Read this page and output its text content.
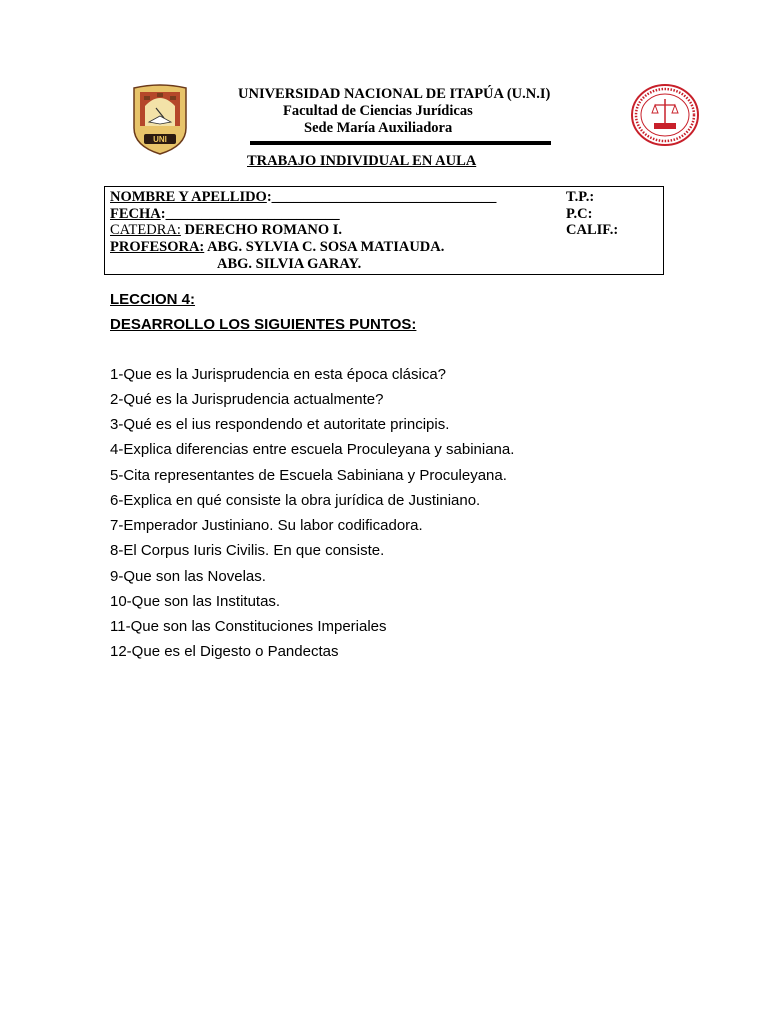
UNI
UNIVERSIDAD NACIONAL DE ITAPÚA (U.N.I)
Facultad de Ciencias Jurídicas
Sede María Auxiliadora
TRABAJO INDIVIDUAL EN AULA
NOMBRE Y APELLIDO:_______________________________	T.P.:
FECHA:________________________	P.C:
CATEDRA: DERECHO ROMANO I.	CALIF.:
PROFESORA: ABG. SYLVIA C. SOSA MATIAUDA.
ABG. SILVIA GARAY.
LECCION 4:
DESARROLLO LOS SIGUIENTES PUNTOS:
1-Que es la Jurisprudencia en esta época clásica?
2-Qué es la Jurisprudencia actualmente?
3-Qué es el ius respondendo et autoritate principis.
4-Explica diferencias entre escuela Proculeyana y sabiniana.
5-Cita representantes de Escuela Sabiniana y Proculeyana.
6-Explica en qué consiste la obra jurídica de Justiniano.
7-Emperador Justiniano. Su labor codificadora.
8-El Corpus Iuris Civilis. En que consiste.
9-Que son las Novelas.
10-Que son las Institutas.
11-Que son las Constituciones Imperiales
12-Que es el Digesto o Pandectas
